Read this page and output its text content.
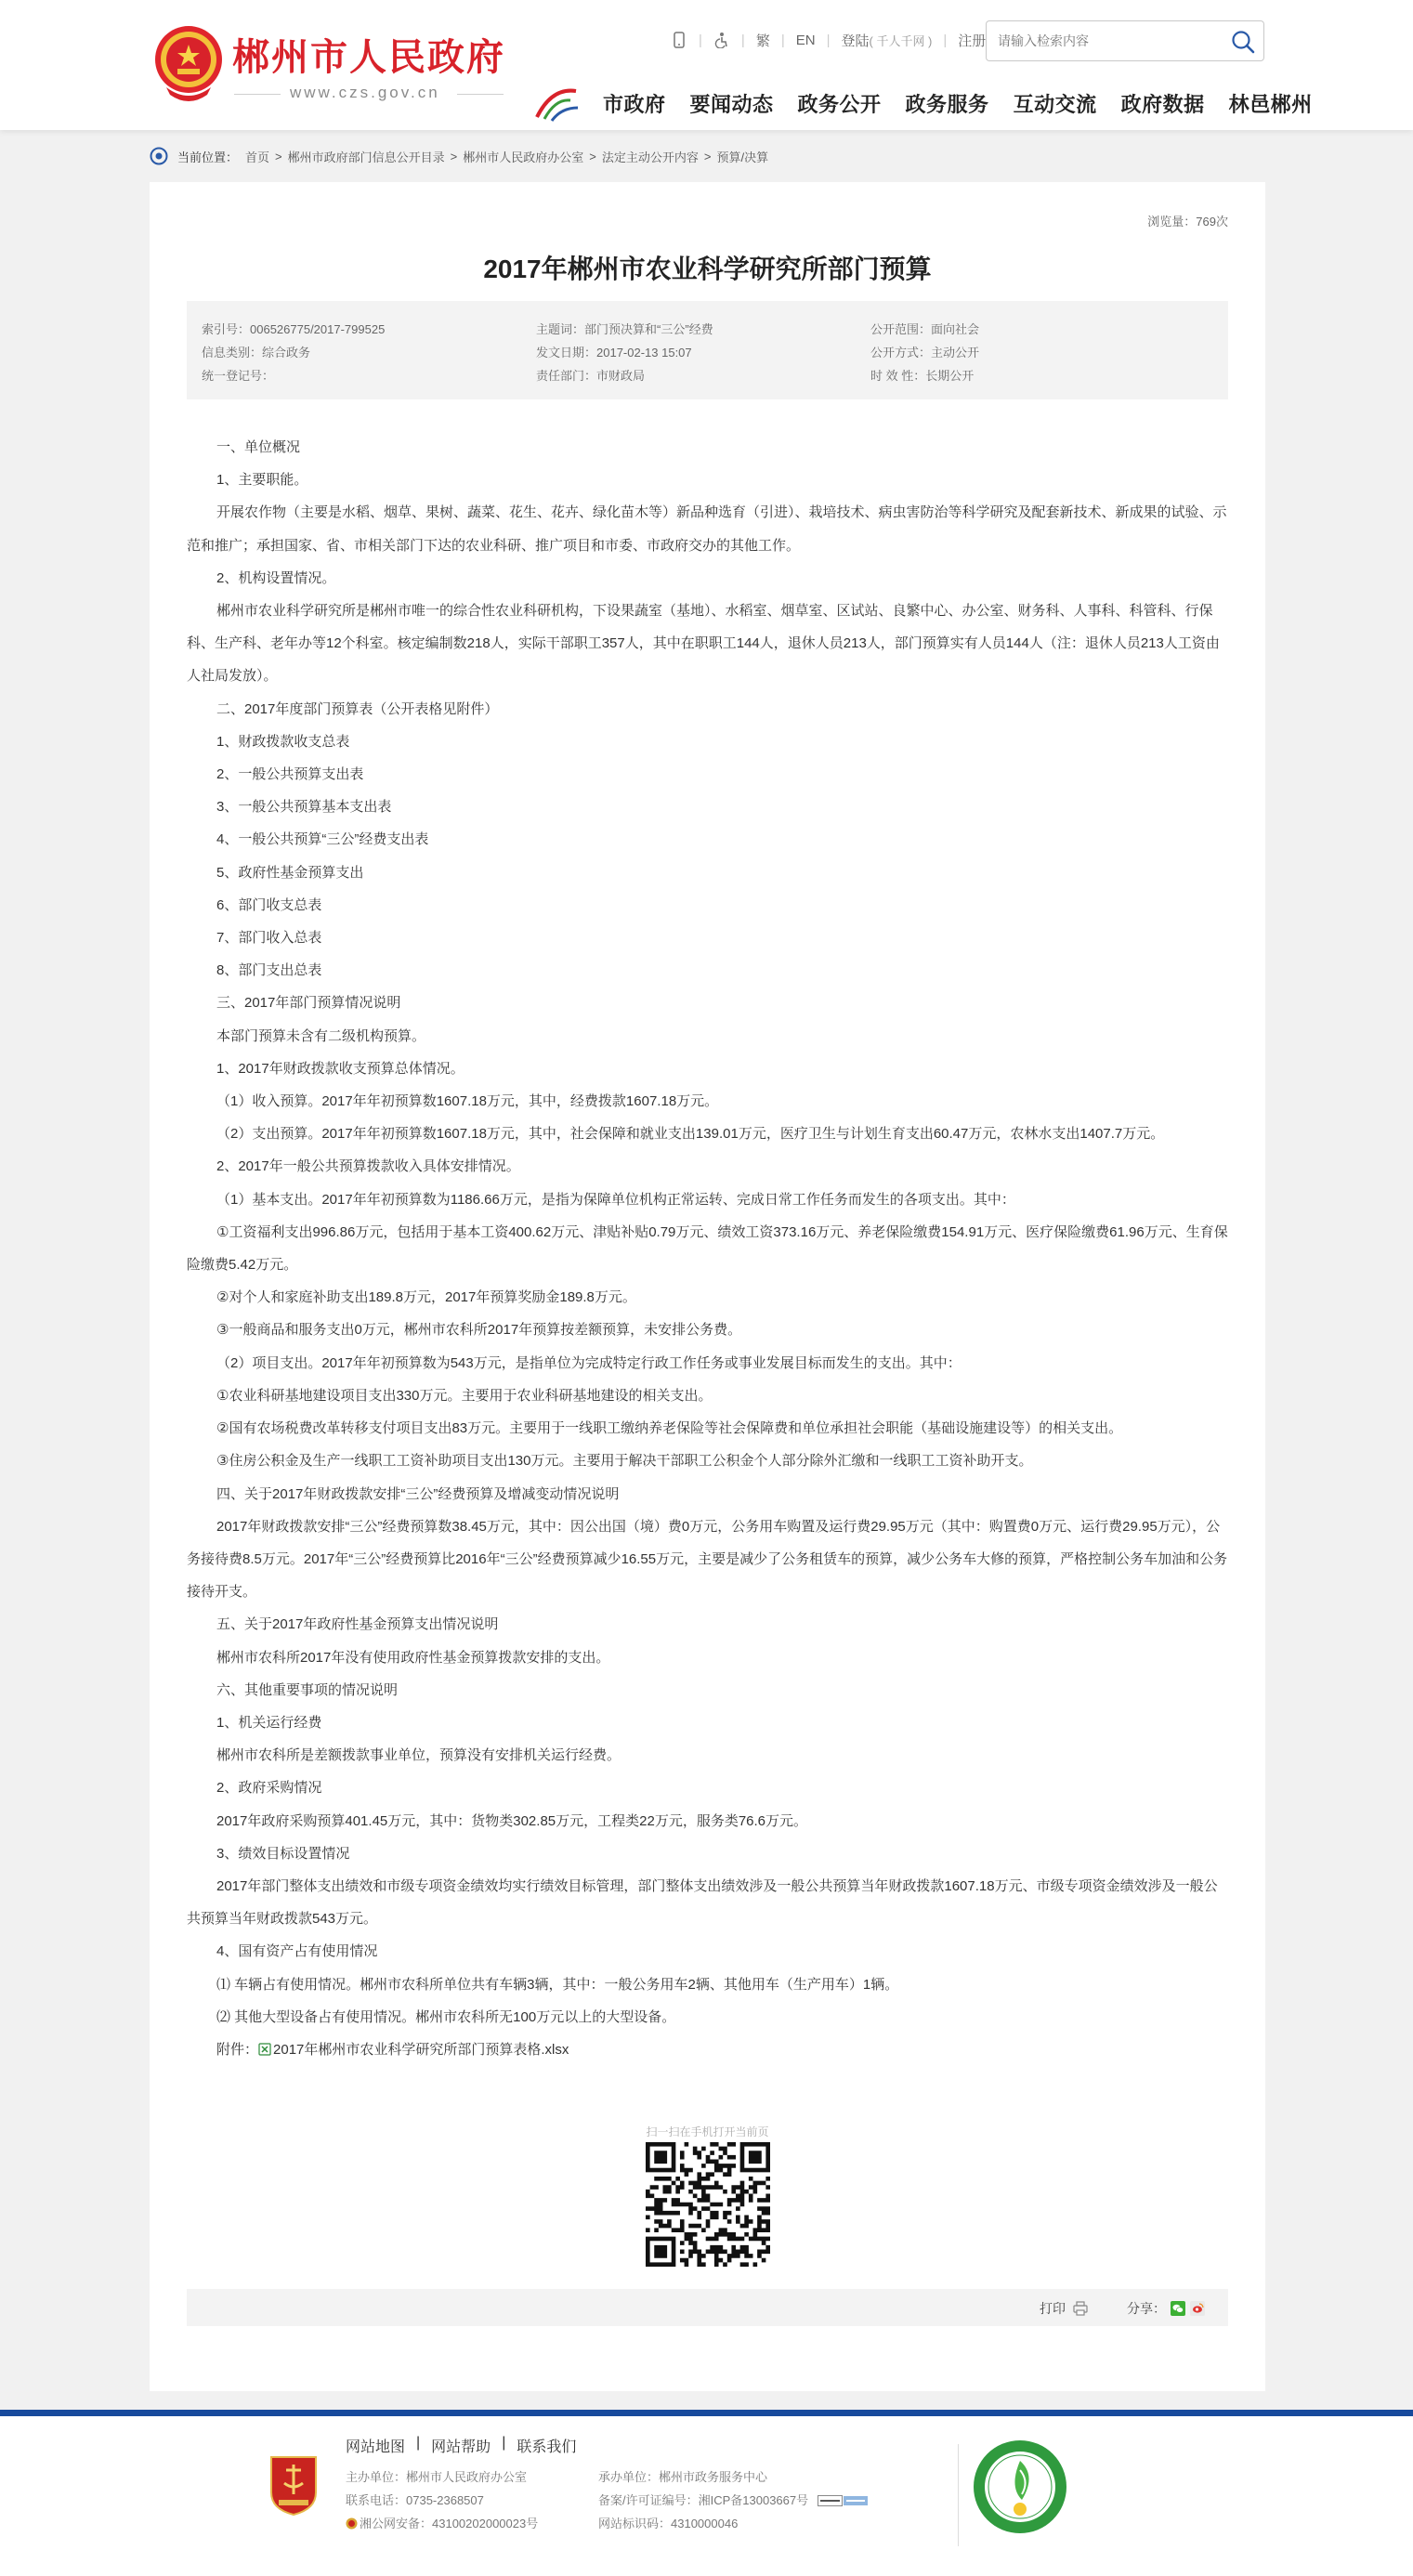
郴州市人民政府
www.czs.gov.cn
|	| 繁 | EN | 登陆( 千人千网 ) | 注册
请输入检索内容
市政府 要闻动态 政务公开 政务服务 互动交流 政府数据 林邑郴州
当前位置： 首页 > 郴州市政府部门信息公开目录 > 郴州市人民政府办公室 > 法定主动公开内容 > 预算/决算
浏览量：769次
2017年郴州市农业科学研究所部门预算
索引号：006526775/2017-799525	主题词：部门预决算和“三公”经费	公开范围：面向社会
信息类别：综合政务	发文日期：2017-02-13 15:07	公开方式：主动公开
统一登记号：	责任部门：市财政局	时 效 性：长期公开

一、单位概况

1、主要职能。

开展农作物（主要是水稻、烟草、果树、蔬菜、花生、花卉、绿化苗木等）新品种选育（引进）、栽培技术、病虫害防治等科学研究及配套新技术、新成果的试验、示范和推广；承担国家、省、市相关部门下达的农业科研、推广项目和市委、市政府交办的其他工作。

2、机构设置情况。

郴州市农业科学研究所是郴州市唯一的综合性农业科研机构，下设果蔬室（基地）、水稻室、烟草室、区试站、良繁中心、办公室、财务科、人事科、科管科、行保科、生产科、老年办等12个科室。核定编制数218人，实际干部职工357人，其中在职职工144人，退休人员213人，部门预算实有人员144人（注：退休人员213人工资由人社局发放）。

二、2017年度部门预算表（公开表格见附件）

1、财政拨款收支总表

2、一般公共预算支出表

3、一般公共预算基本支出表

4、一般公共预算“三公”经费支出表

5、政府性基金预算支出

6、部门收支总表

7、部门收入总表

8、部门支出总表

三、2017年部门预算情况说明

本部门预算未含有二级机构预算。

1、2017年财政拨款收支预算总体情况。

（1）收入预算。2017年年初预算数1607.18万元，其中，经费拨款1607.18万元。

（2）支出预算。2017年年初预算数1607.18万元，其中，社会保障和就业支出139.01万元，医疗卫生与计划生育支出60.47万元，农林水支出1407.7万元。

2、2017年一般公共预算拨款收入具体安排情况。

（1）基本支出。2017年年初预算数为1186.66万元，是指为保障单位机构正常运转、完成日常工作任务而发生的各项支出。其中：

①工资福利支出996.86万元，包括用于基本工资400.62万元、津贴补贴0.79万元、绩效工资373.16万元、养老保险缴费154.91万元、医疗保险缴费61.96万元、生育保险缴费5.42万元。

②对个人和家庭补助支出189.8万元，2017年预算奖励金189.8万元。

③一般商品和服务支出0万元，郴州市农科所2017年预算按差额预算，未安排公务费。

（2）项目支出。2017年年初预算数为543万元，是指单位为完成特定行政工作任务或事业发展目标而发生的支出。其中：

①农业科研基地建设项目支出330万元。主要用于农业科研基地建设的相关支出。

②国有农场税费改革转移支付项目支出83万元。主要用于一线职工缴纳养老保险等社会保障费和单位承担社会职能（基础设施建设等）的相关支出。

③住房公积金及生产一线职工工资补助项目支出130万元。主要用于解决干部职工公积金个人部分除外汇缴和一线职工工资补助开支。

四、关于2017年财政拨款安排“三公”经费预算及增减变动情况说明

2017年财政拨款安排“三公”经费预算数38.45万元，其中：因公出国（境）费0万元，公务用车购置及运行费29.95万元（其中：购置费0万元、运行费29.95万元），公务接待费8.5万元。2017年“三公”经费预算比2016年“三公”经费预算减少16.55万元，主要是减少了公务租赁车的预算，减少公务车大修的预算，严格控制公务车加油和公务接待开支。

五、关于2017年政府性基金预算支出情况说明

郴州市农科所2017年没有使用政府性基金预算拨款安排的支出。

六、其他重要事项的情况说明

1、机关运行经费

郴州市农科所是差额拨款事业单位，预算没有安排机关运行经费。

2、政府采购情况

2017年政府采购预算401.45万元，其中：货物类302.85万元，工程类22万元，服务类76.6万元。

3、绩效目标设置情况

2017年部门整体支出绩效和市级专项资金绩效均实行绩效目标管理，部门整体支出绩效涉及一般公共预算当年财政拨款1607.18万元、市级专项资金绩效涉及一般公共预算当年财政拨款543万元。

4、国有资产占有使用情况

⑴ 车辆占有使用情况。郴州市农科所单位共有车辆3辆，其中：一般公务用车2辆、其他用车（生产用车）1辆。

⑵ 其他大型设备占有使用情况。郴州市农科所无100万元以上的大型设备。

附件： 2017年郴州市农业科学研究所部门预算表格.xlsx

扫一扫在手机打开当前页
打印	分享：
网站地图 | 网站帮助 | 联系我们
主办单位：郴州市人民政府办公室
联系电话：0735-2368507
湘公网安备：43100202000023号
承办单位：郴州市政务服务中心
备案/许可证编号：湘ICP备13003667号
网站标识码：4310000046
